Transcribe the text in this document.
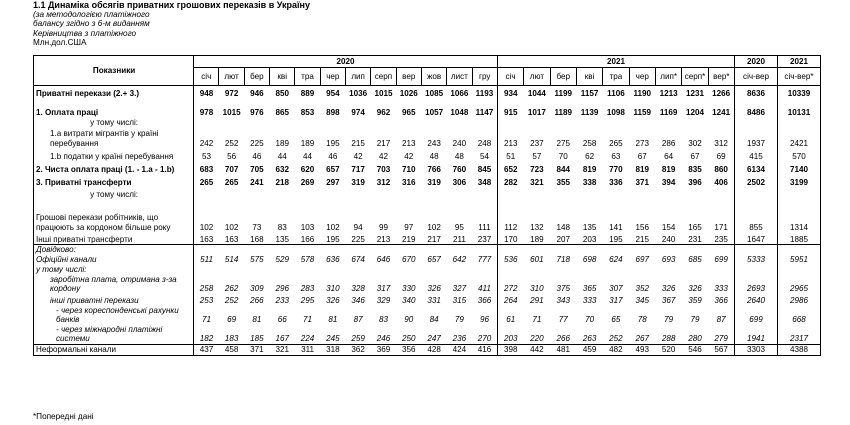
1.1 Динаміка обсягів приватних грошових переказів в Україну
(за методологією платіжного
балансу згідно з 6-м виданням
Керівництва з платіжного
Млн.дол.США
Показники	2020												2021									2020	2021
	січ	лют	бер	кві	тра	чер	лип	серп	вер	жов	лист	гру	січ	лют	бер	кві	тра	чер	лип*	серп*	вер*	січ-вер	січ-вер*
Приватні перекази (2.+ 3.)	948	972	946	850	889	954	1036	1015	1026	1085	1066	1193	934	1044	1199	1157	1106	1190	1213	1231	1266	8636	10339
1. Оплата праці	978	1015	976	865	853	898	974	962	965	1057	1048	1147	915	1017	1189	1139	1098	1159	1169	1204	1241	8486	10131
у тому числі:																							
1.а витрати мігрантів у країні перебування	242	252	225	189	189	195	215	217	213	243	240	248	213	237	275	258	265	273	286	302	312	1937	2421
1.b податки у країні перебування	53	56	46	44	44	46	42	42	42	48	48	54	51	57	70	62	63	67	64	67	69	415	570
2. Чиста оплата праці (1. - 1.а - 1.b)	683	707	705	632	620	657	717	703	710	766	760	845	652	723	844	819	770	819	819	835	860	6134	7140
3. Приватні трансферти	265	265	241	218	269	297	319	312	316	319	306	348	282	321	355	338	336	371	394	396	406	2502	3199
у тому числі:																							
Грошові перекази робітників, що працюють за кордоном більше року	102	102	73	83	103	102	94	99	97	102	95	111	112	132	148	135	141	156	154	165	171	855	1314
Інші приватні трансферти	163	163	168	135	166	195	225	213	219	217	211	237	170	189	207	203	195	215	240	231	235	1647	1885
Довідково:																							
Офіційні канали	511	514	575	529	578	636	674	646	670	657	642	777	536	601	718	698	624	697	693	685	699	5333	5951
у тому числі:																							
заробітна плата, отримана з-за кордону	258	262	309	296	283	310	328	317	330	326	327	411	272	310	375	365	307	352	326	326	333	2693	2965
інші приватні перекази	253	252	266	233	295	326	346	329	340	331	315	366	264	291	343	333	317	345	367	359	366	2640	2986
- через кореспонденські рахунки банків	71	69	81	66	71	81	87	83	90	84	79	96	61	71	77	70	65	78	79	79	87	699	668
- через міжнародні платіжні системи	182	183	185	167	224	245	259	246	250	247	236	270	203	220	266	263	252	267	288	280	279	1941	2317
Неформальні канали	437	458	371	321	311	318	362	369	356	428	424	416	398	442	481	459	482	493	520	546	567	3303	4388
*Попередні дані
